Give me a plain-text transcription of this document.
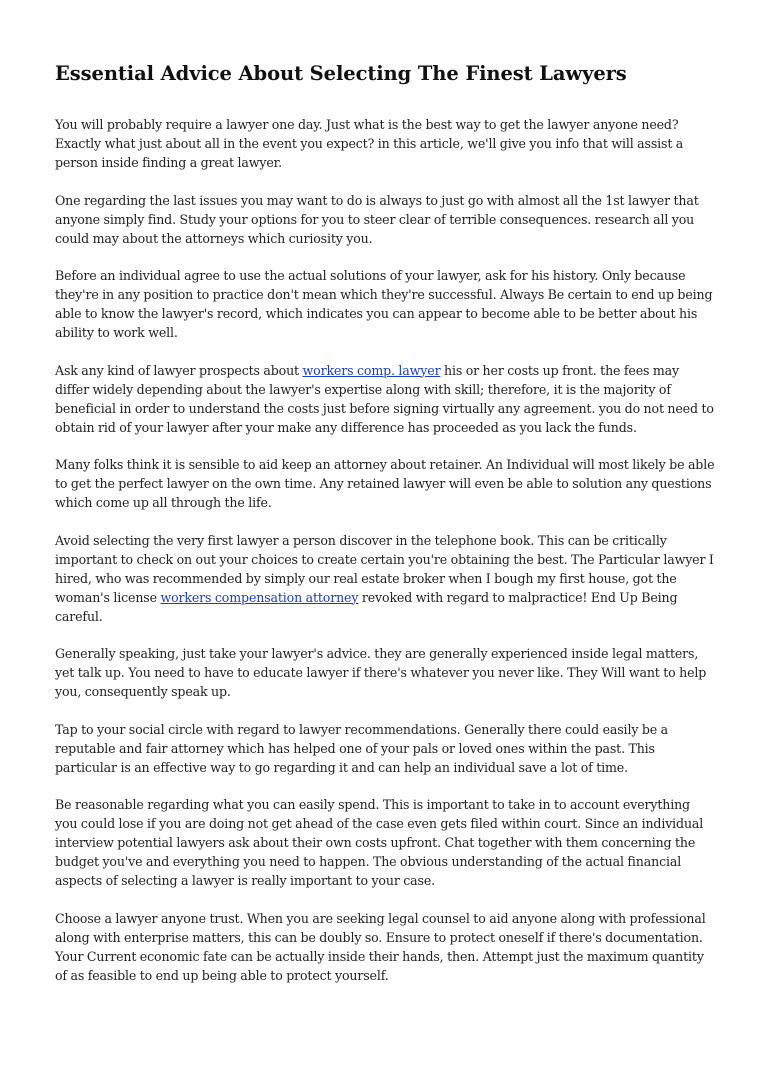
Essential Advice About Selecting The Finest Lawyers

You will probably require a lawyer one day. Just what is the best way to get the lawyer anyone need? Exactly what just about all in the event you expect? in this article, we'll give you info that will assist a person inside finding a great lawyer.

One regarding the last issues you may want to do is always to just go with almost all the 1st lawyer that anyone simply find. Study your options for you to steer clear of terrible consequences. research all you could may about the attorneys which curiosity you.

Before an individual agree to use the actual solutions of your lawyer, ask for his history. Only because they're in any position to practice don't mean which they're successful. Always Be certain to end up being able to know the lawyer's record, which indicates you can appear to become able to be better about his ability to work well.

Ask any kind of lawyer prospects about workers comp. lawyer his or her costs up front. the fees may differ widely depending about the lawyer's expertise along with skill; therefore, it is the majority of beneficial in order to understand the costs just before signing virtually any agreement. you do not need to obtain rid of your lawyer after your make any difference has proceeded as you lack the funds.

Many folks think it is sensible to aid keep an attorney about retainer. An Individual will most likely be able to get the perfect lawyer on the own time. Any retained lawyer will even be able to solution any questions which come up all through the life.

Avoid selecting the very first lawyer a person discover in the telephone book. This can be critically important to check on out your choices to create certain you're obtaining the best. The Particular lawyer I hired, who was recommended by simply our real estate broker when I bough my first house, got the woman's license workers compensation attorney revoked with regard to malpractice! End Up Being careful.

Generally speaking, just take your lawyer's advice. they are generally experienced inside legal matters, yet talk up. You need to have to educate lawyer if there's whatever you never like. They Will want to help you, consequently speak up.

Tap to your social circle with regard to lawyer recommendations. Generally there could easily be a reputable and fair attorney which has helped one of your pals or loved ones within the past. This particular is an effective way to go regarding it and can help an individual save a lot of time.

Be reasonable regarding what you can easily spend. This is important to take in to account everything you could lose if you are doing not get ahead of the case even gets filed within court. Since an individual interview potential lawyers ask about their own costs upfront. Chat together with them concerning the budget you've and everything you need to happen. The obvious understanding of the actual financial aspects of selecting a lawyer is really important to your case.

Choose a lawyer anyone trust. When you are seeking legal counsel to aid anyone along with professional along with enterprise matters, this can be doubly so. Ensure to protect oneself if there's documentation. Your Current economic fate can be actually inside their hands, then. Attempt just the maximum quantity of as feasible to end up being able to protect yourself.
